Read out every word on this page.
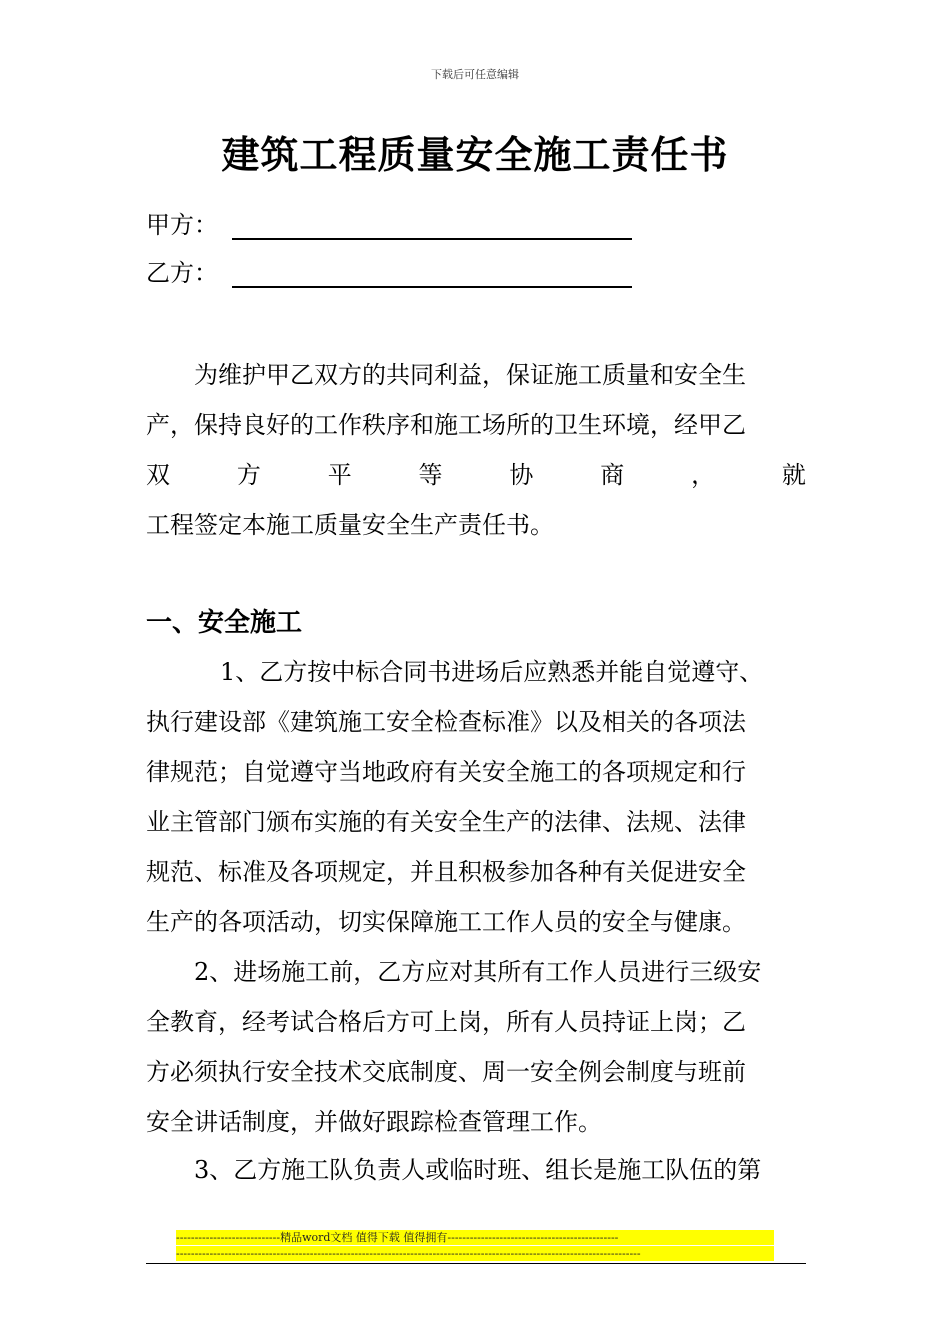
下载后可任意编辑
建筑工程质量安全施工责任书
甲方：
乙方：
为维护甲乙双方的共同利益，保证施工质量和安全生
产，保持良好的工作秩序和施工场所的卫生环境，经甲乙
双	方	平	等	协	商	，	就
工程签定本施工质量安全生产责任书。
一、安全施工
1、乙方按中标合同书进场后应熟悉并能自觉遵守、
执行建设部《建筑施工安全检查标准》以及相关的各项法
律规范；自觉遵守当地政府有关安全施工的各项规定和行
业主管部门颁布实施的有关安全生产的法律、法规、法律
规范、标准及各项规定，并且积极参加各种有关促进安全
生产的各项活动，切实保障施工工作人员的安全与健康。
2、进场施工前，乙方应对其所有工作人员进行三级安
全教育，经考试合格后方可上岗，所有人员持证上岗；乙
方必须执行安全技术交底制度、周一安全例会制度与班前
安全讲话制度，并做好跟踪检查管理工作。
3、乙方施工队负责人或临时班、组长是施工队伍的第
----------------------------精品word文档 值得下载 值得拥有----------------------------------------------
-----------------------------------------------------------------------------------------------------------------------------
